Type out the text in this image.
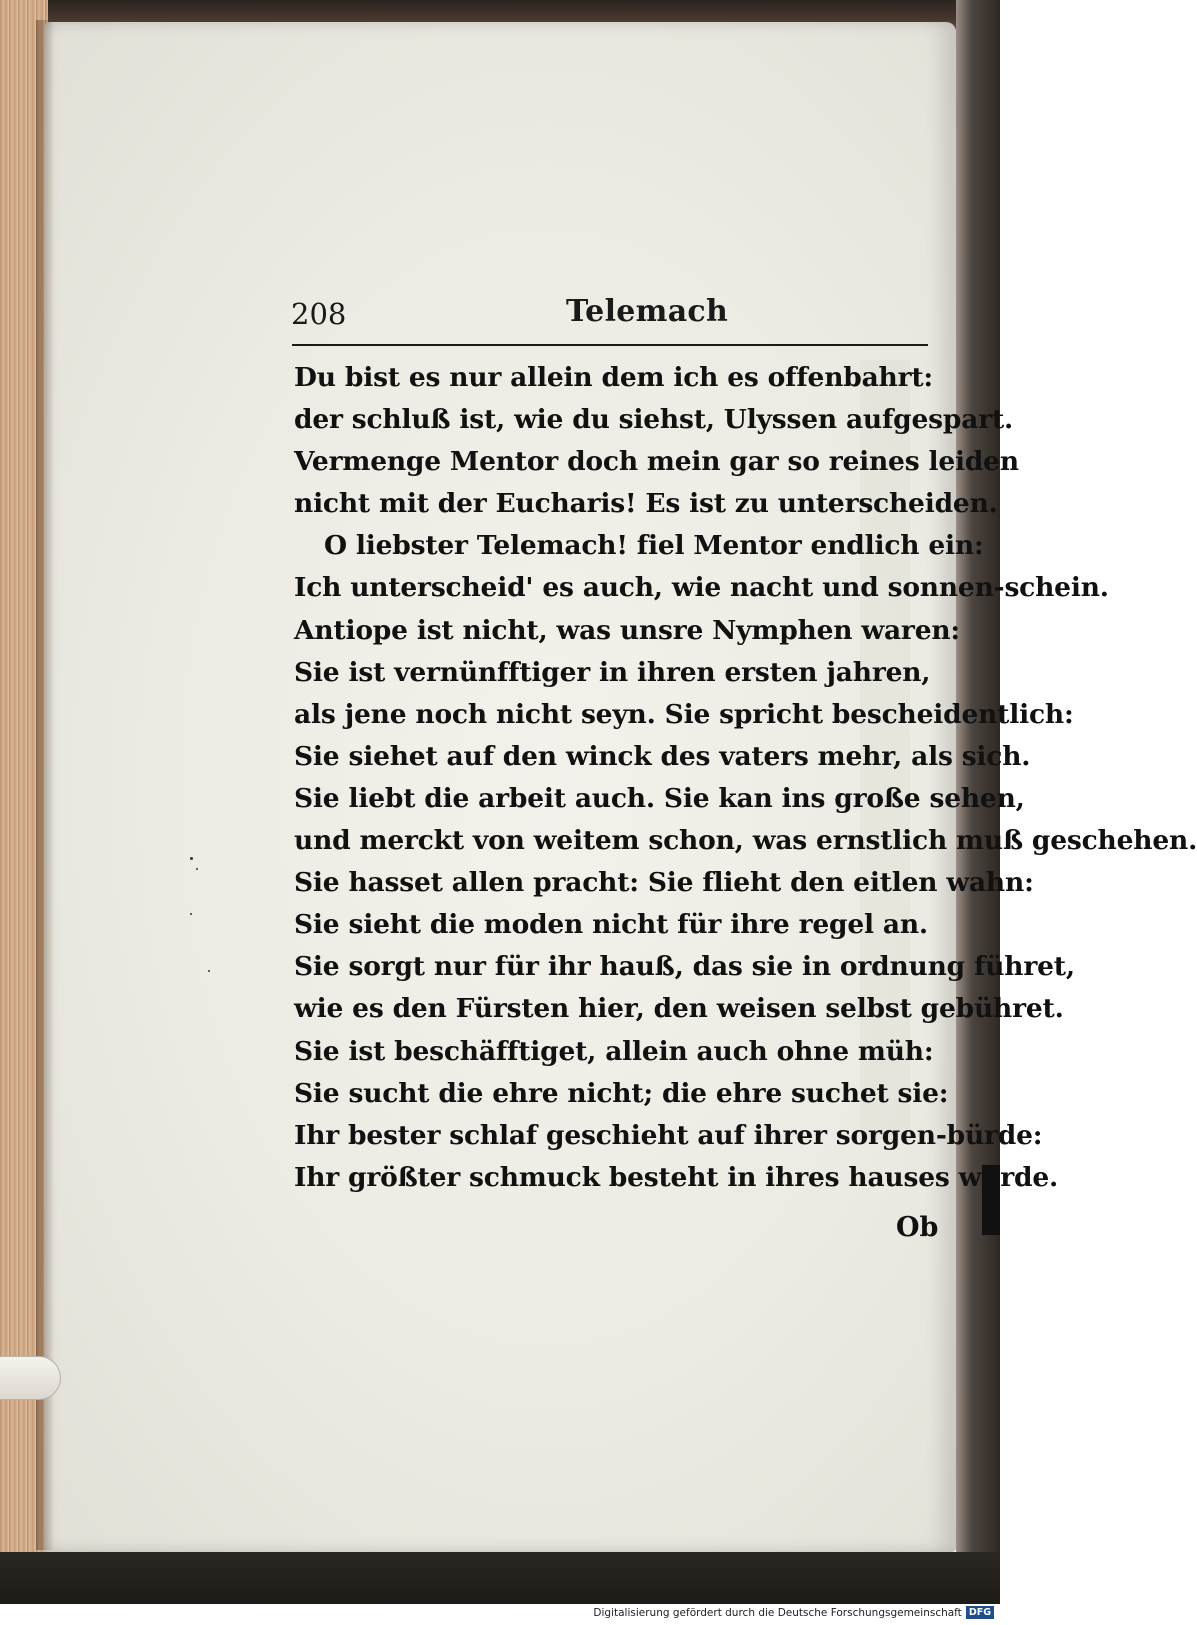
208	Telemach
Du bist es nur allein dem ich es offenbahrt:
der schluß ist, wie du siehst, Ulyssen aufgespart.
Vermenge Mentor doch mein gar so reines leiden
nicht mit der Eucharis! Es ist zu unterscheiden.
O liebster Telemach! fiel Mentor endlich ein:
Ich unterscheid' es auch, wie nacht und sonnen-schein.
Antiope ist nicht, was unsre Nymphen waren:
Sie ist vernünfftiger in ihren ersten jahren,
als jene noch nicht seyn. Sie spricht bescheidentlich:
Sie siehet auf den winck des vaters mehr, als sich.
Sie liebt die arbeit auch. Sie kan ins große sehen,
und merckt von weitem schon, was ernstlich muß geschehen.
Sie hasset allen pracht: Sie flieht den eitlen wahn:
Sie sieht die moden nicht für ihre regel an.
Sie sorgt nur für ihr hauß, das sie in ordnung führet,
wie es den Fürsten hier, den weisen selbst gebühret.
Sie ist beschäfftiget, allein auch ohne müh:
Sie sucht die ehre nicht; die ehre suchet sie:
Ihr bester schlaf geschieht auf ihrer sorgen-bürde:
Ihr größter schmuck besteht in ihres hauses würde.
Ob
Digitalisierung gefördert durch die Deutsche Forschungsgemeinschaft DFG
